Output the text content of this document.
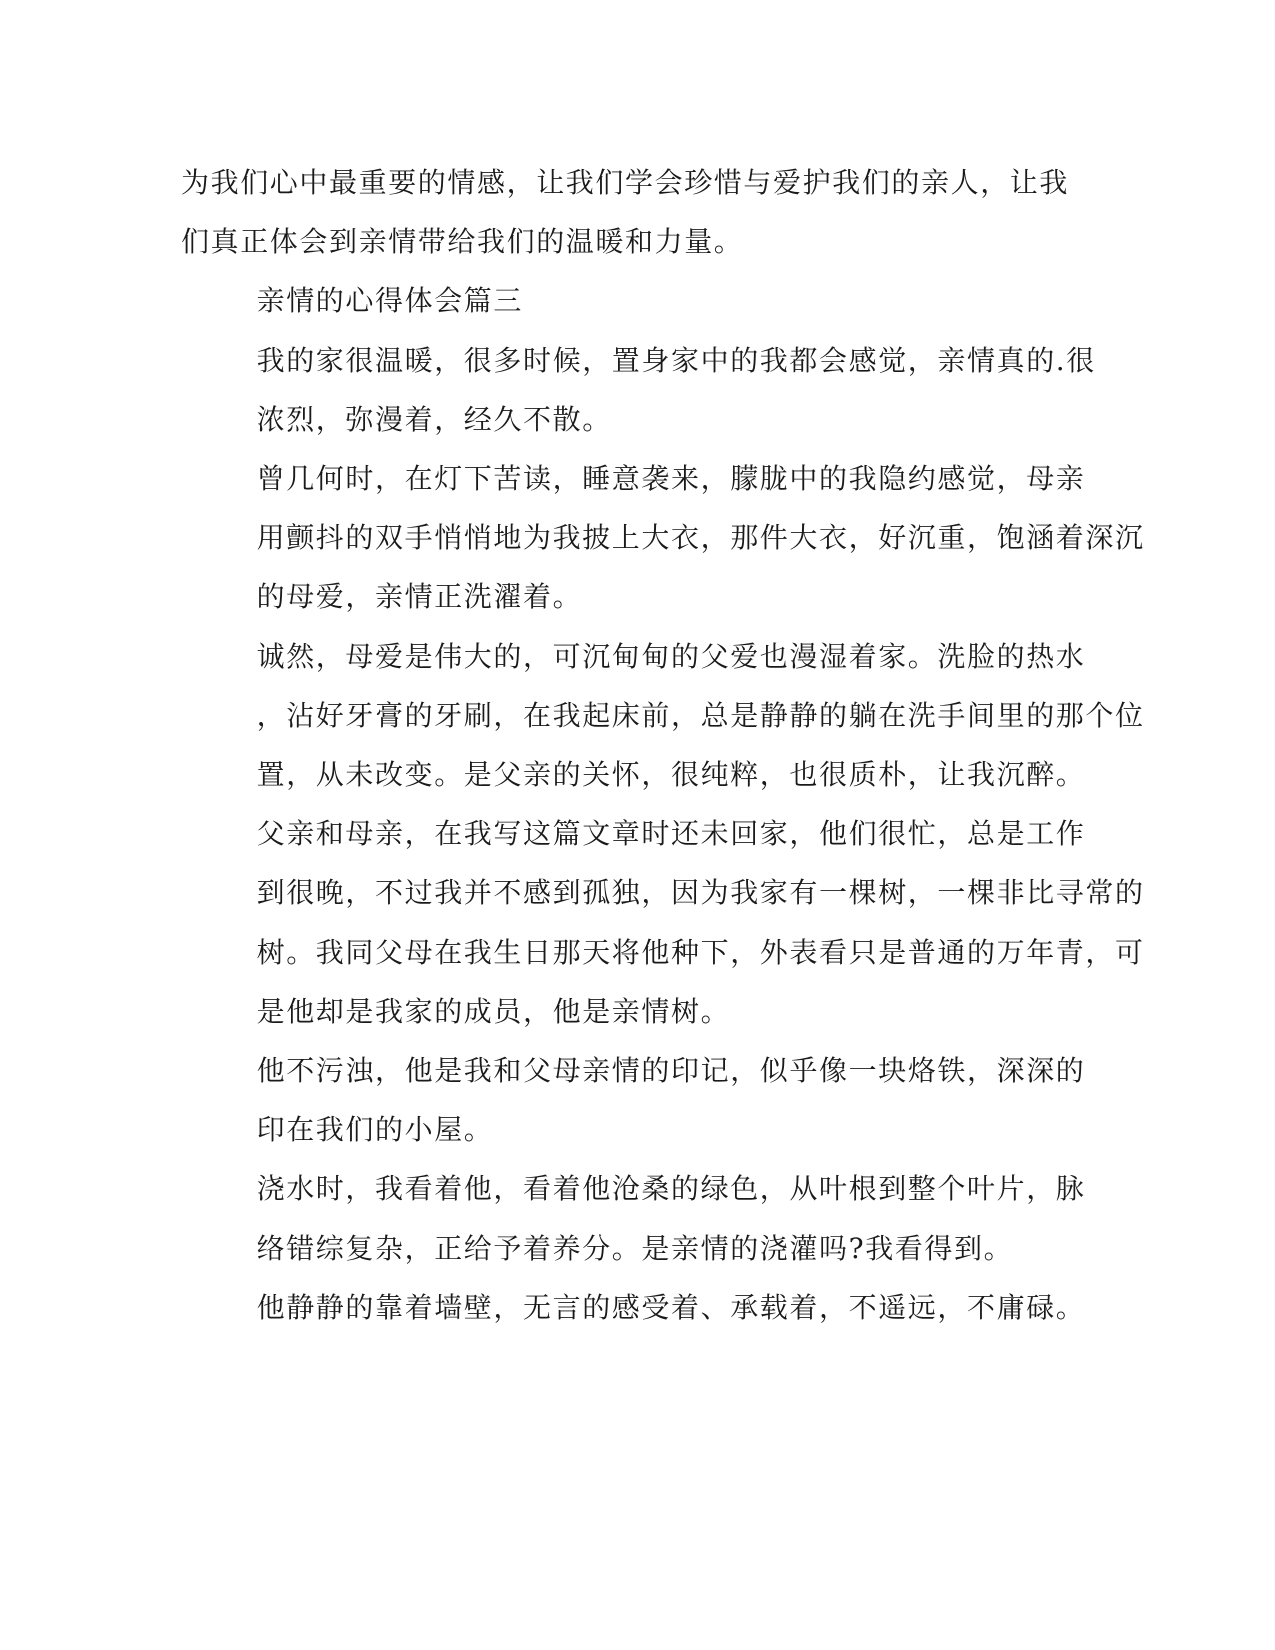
为我们心中最重要的情感，让我们学会珍惜与爱护我们的亲人，让我
们真正体会到亲情带给我们的温暖和力量。

亲情的心得体会篇三

我的家很温暖，很多时候，置身家中的我都会感觉，亲情真的.很
浓烈，弥漫着，经久不散。

曾几何时，在灯下苦读，睡意袭来，朦胧中的我隐约感觉，母亲
用颤抖的双手悄悄地为我披上大衣，那件大衣，好沉重，饱涵着深沉
的母爱，亲情正洗濯着。

诚然，母爱是伟大的，可沉甸甸的父爱也漫湿着家。洗脸的热水
，沾好牙膏的牙刷，在我起床前，总是静静的躺在洗手间里的那个位
置，从未改变。是父亲的关怀，很纯粹，也很质朴，让我沉醉。

父亲和母亲，在我写这篇文章时还未回家，他们很忙，总是工作
到很晚，不过我并不感到孤独，因为我家有一棵树，一棵非比寻常的
树。我同父母在我生日那天将他种下，外表看只是普通的万年青，可
是他却是我家的成员，他是亲情树。

他不污浊，他是我和父母亲情的印记，似乎像一块烙铁，深深的
印在我们的小屋。

浇水时，我看着他，看着他沧桑的绿色，从叶根到整个叶片，脉
络错综复杂，正给予着养分。是亲情的浇灌吗?我看得到。

他静静的靠着墙壁，无言的感受着、承载着，不遥远，不庸碌。
